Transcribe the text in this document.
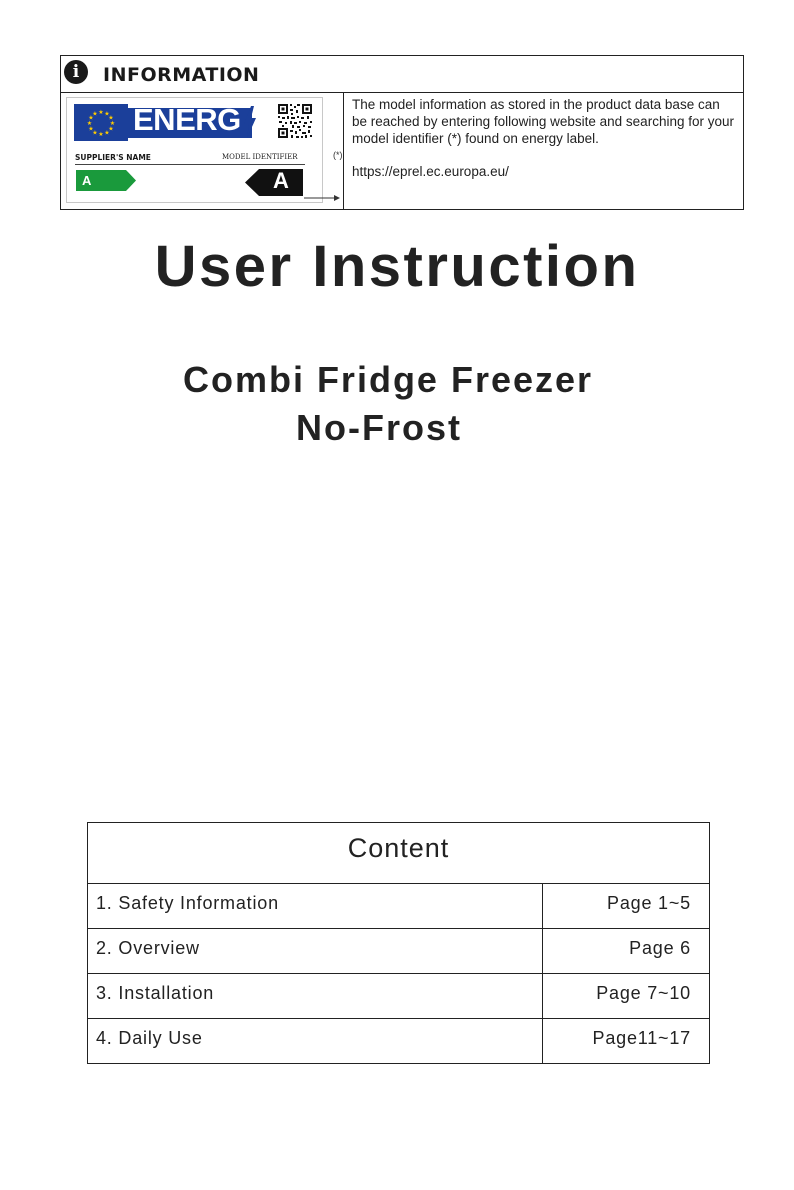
i	INFORMATION
★ ★
★
★
★
★
★
★
★
★
★
★ ENERG
SUPPLIER'S NAME	MODEL IDENTIFIER
A	A
(*)

The model information as stored in the product data base can be reached by entering following website and searching for your model identifier (*) found on energy label.

https://eprel.ec.europa.eu/
User Instruction
Combi Fridge Freezer
No-Frost
Content
1. Safety Information	Page 1~5
2. Overview	Page 6
3. Installation	Page 7~10
4. Daily Use	Page11~17
